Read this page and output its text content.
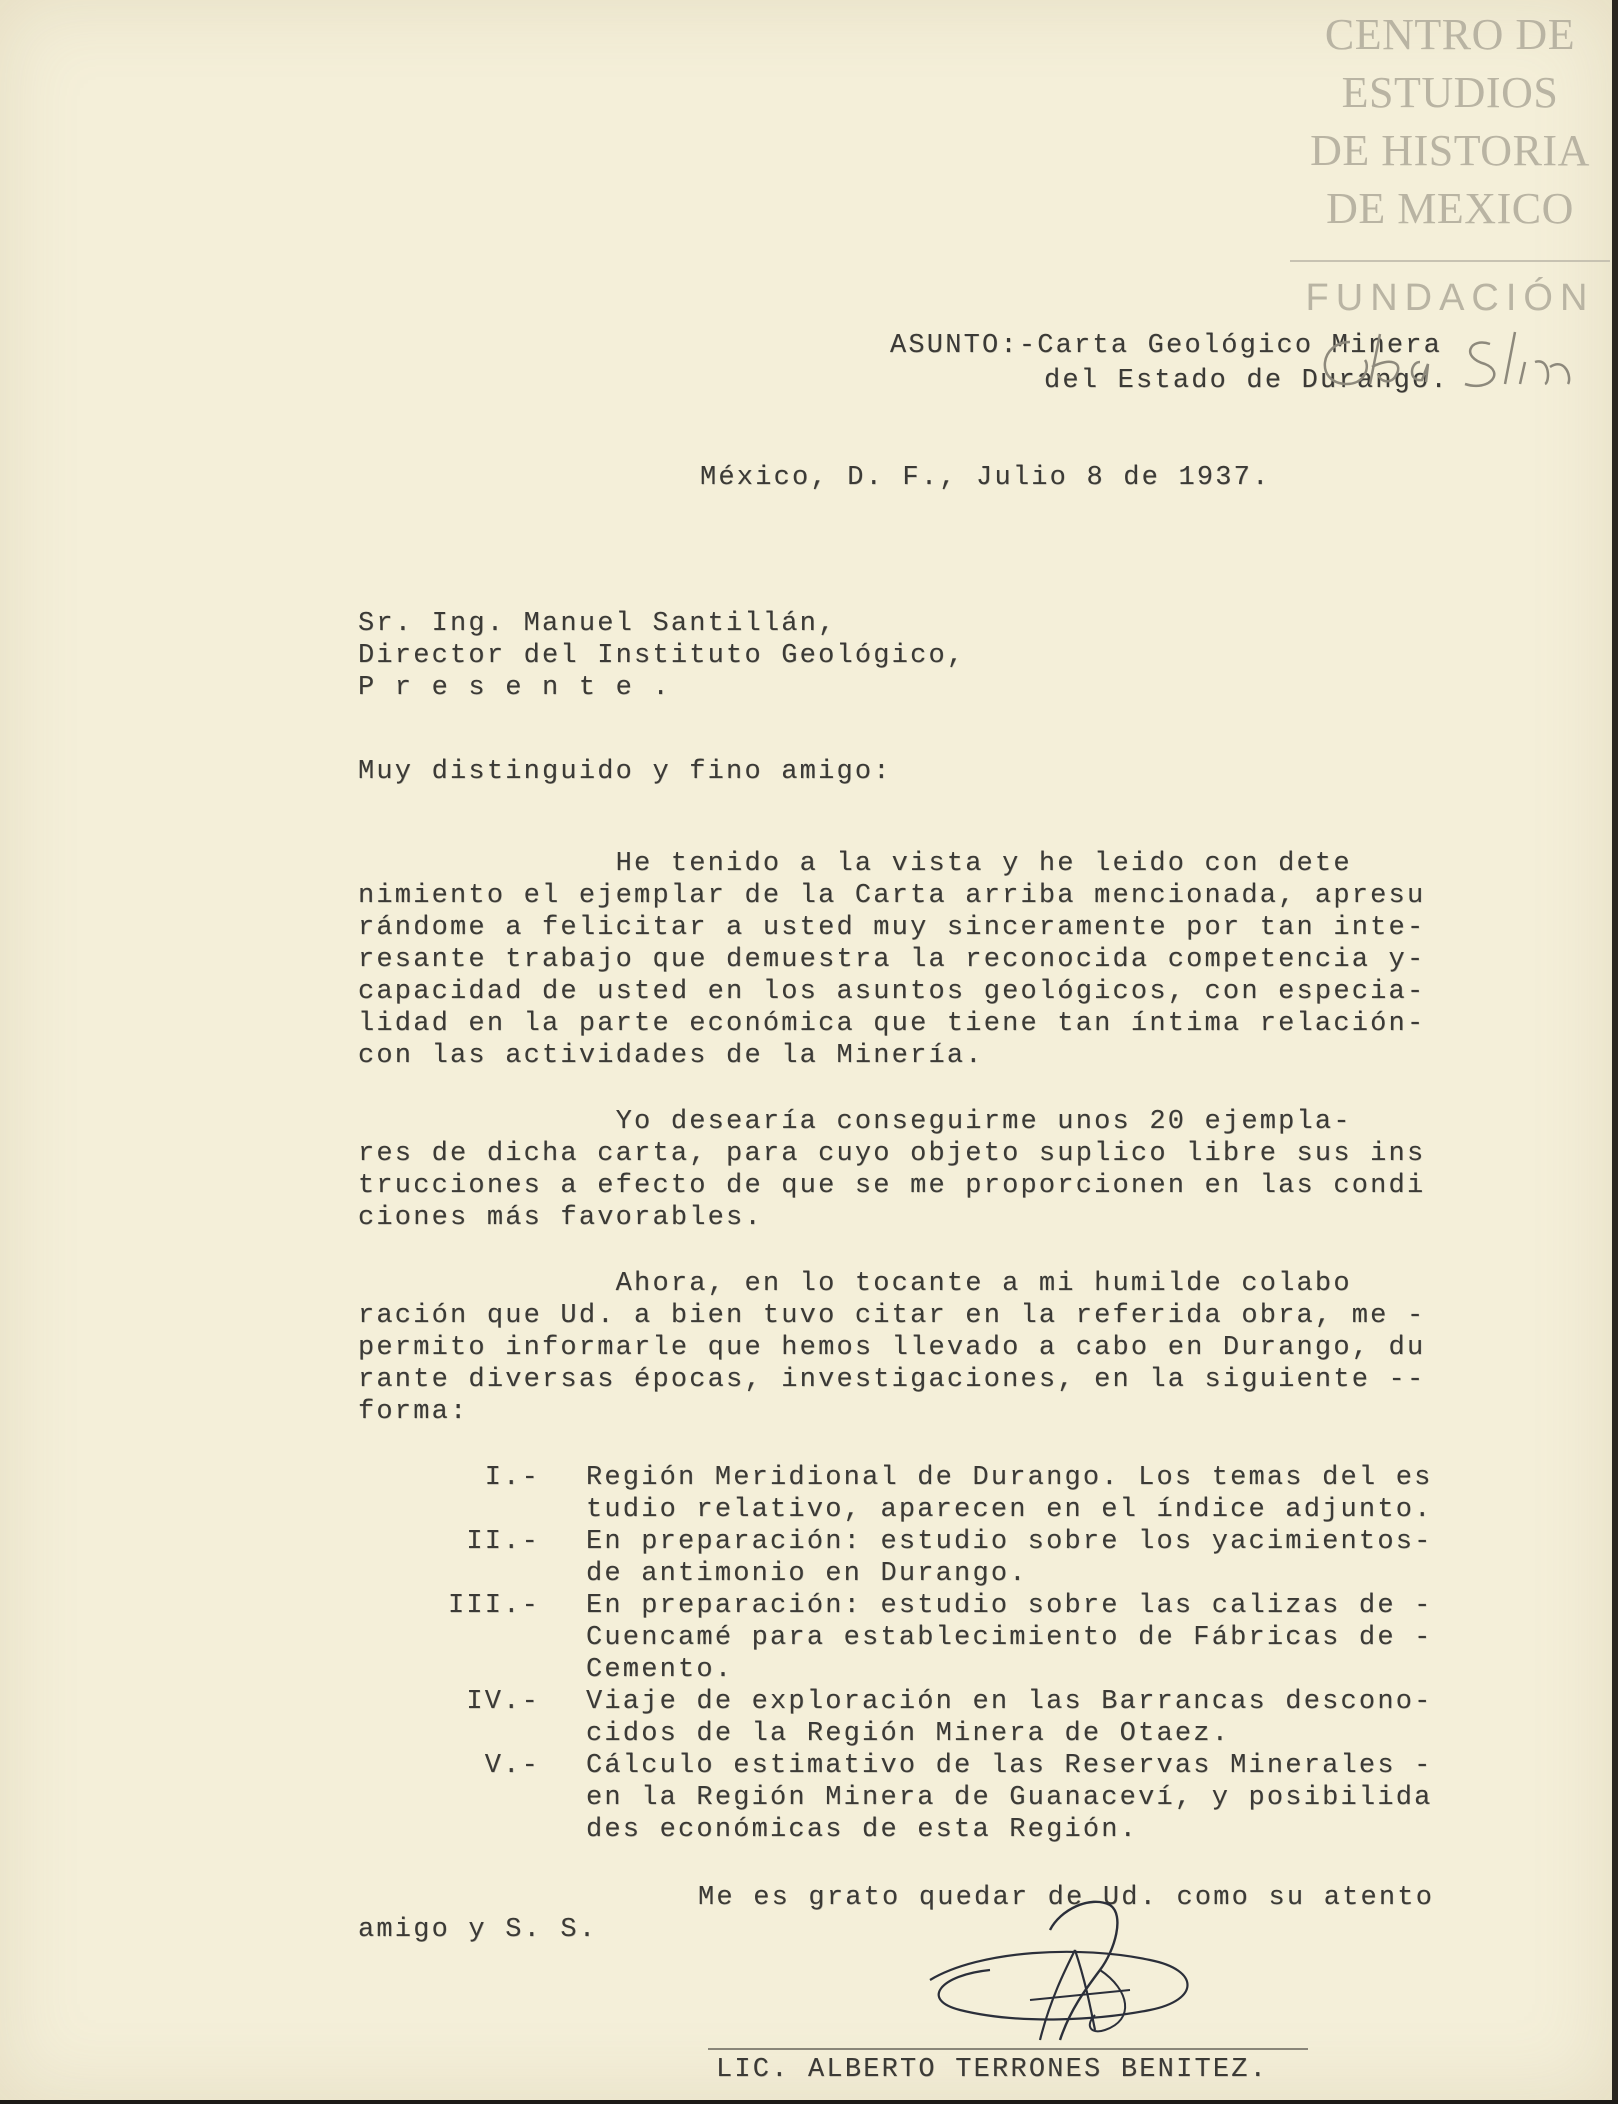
CENTRO DE
ESTUDIOS
DE HISTORIA
DE MEXICO
FUNDACIÓN
ASUNTO:-Carta Geológico Minera
del Estado de Durango.
México, D. F., Julio 8 de 1937.
Sr. Ing. Manuel Santillán,
Director del Instituto Geológico,
P r e s e n t e .
Muy distinguido y fino amigo:
He tenido a la vista y he leido con dete
nimiento el ejemplar de la Carta arriba mencionada, apresu
rándome a felicitar a usted muy sinceramente por tan inte-
resante trabajo que demuestra la reconocida competencia y-
capacidad de usted en los asuntos geológicos, con especia-
lidad en la parte económica que tiene tan íntima relación-
con las actividades de la Minería.
Yo desearía conseguirme unos 20 ejempla-
res de dicha carta, para cuyo objeto suplico libre sus ins
trucciones a efecto de que se me proporcionen en las condi
ciones más favorables.
Ahora, en lo tocante a mi humilde colabo
ración que Ud. a bien tuvo citar en la referida obra, me -
permito informarle que hemos llevado a cabo en Durango, du
rante diversas épocas, investigaciones, en la siguiente --
forma:
I.- Región Meridional de Durango. Los temas del es
tudio relativo, aparecen en el índice adjunto.
II.- En preparación: estudio sobre los yacimientos-
de antimonio en Durango.
III.- En preparación: estudio sobre las calizas de -
Cuencamé para establecimiento de Fábricas de -
Cemento.
IV.- Viaje de exploración en las Barrancas descono-
cidos de la Región Minera de Otaez.
V.- Cálculo estimativo de las Reservas Minerales -
en la Región Minera de Guanaceví, y posibilida
des económicas de esta Región.
Me es grato quedar de Ud. como su atento
amigo y S. S.
LIC. ALBERTO TERRONES BENITEZ.
